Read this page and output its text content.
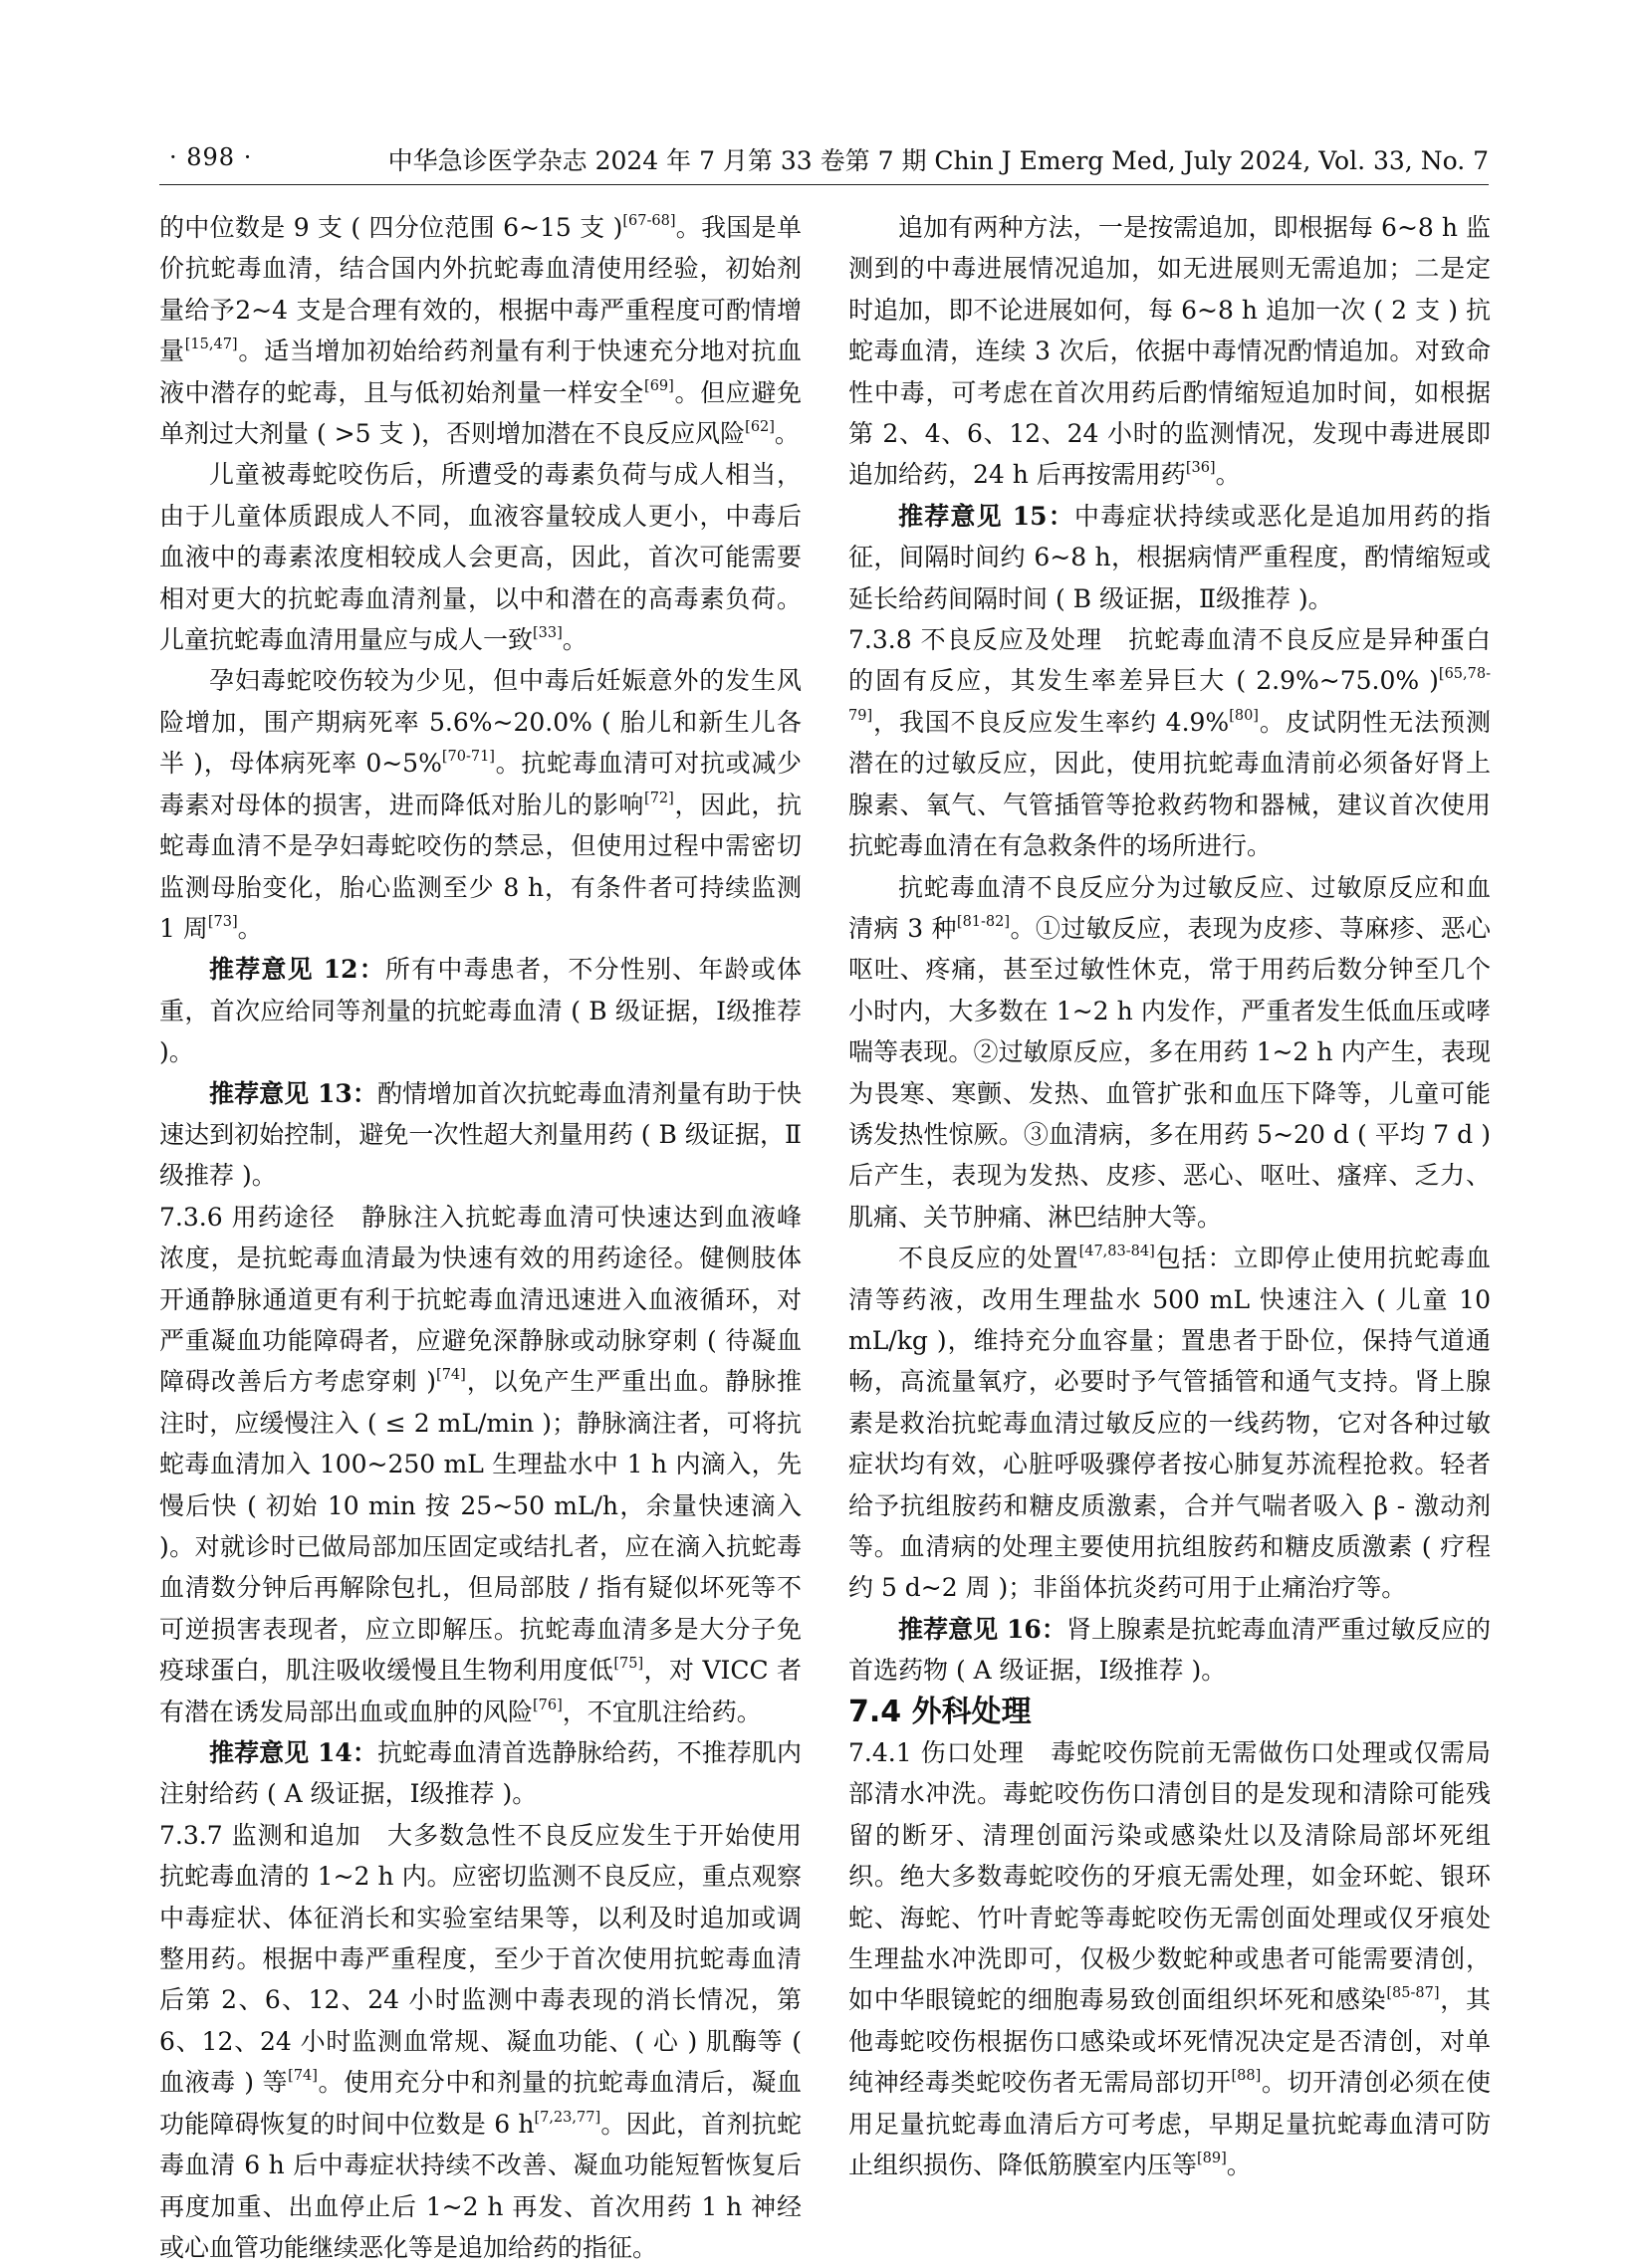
· 898 ·	中华急诊医学杂志 2024 年 7 月第 33 卷第 7 期 Chin J Emerg Med, July 2024, Vol. 33, No. 7

的中位数是 9 支 ( 四分位范围 6~15 支 )[67-68]。我国是单价抗蛇毒血清，结合国内外抗蛇毒血清使用经验，初始剂量给予2~4 支是合理有效的，根据中毒严重程度可酌情增量[15,47]。适当增加初始给药剂量有利于快速充分地对抗血液中潜存的蛇毒，且与低初始剂量一样安全[69]。但应避免单剂过大剂量 ( >5 支 )，否则增加潜在不良反应风险[62]。

儿童被毒蛇咬伤后，所遭受的毒素负荷与成人相当，由于儿童体质跟成人不同，血液容量较成人更小，中毒后血液中的毒素浓度相较成人会更高，因此，首次可能需要相对更大的抗蛇毒血清剂量，以中和潜在的高毒素负荷。儿童抗蛇毒血清用量应与成人一致[33]。

孕妇毒蛇咬伤较为少见，但中毒后妊娠意外的发生风险增加，围产期病死率 5.6%~20.0% ( 胎儿和新生儿各半 )，母体病死率 0~5%[70-71]。抗蛇毒血清可对抗或减少毒素对母体的损害，进而降低对胎儿的影响[72]，因此，抗蛇毒血清不是孕妇毒蛇咬伤的禁忌，但使用过程中需密切监测母胎变化，胎心监测至少 8 h，有条件者可持续监测 1 周[73]。

推荐意见 12：所有中毒患者，不分性别、年龄或体重，首次应给同等剂量的抗蛇毒血清 ( B 级证据，Ⅰ级推荐 )。

推荐意见 13：酌情增加首次抗蛇毒血清剂量有助于快速达到初始控制，避免一次性超大剂量用药 ( B 级证据，Ⅱ级推荐 )。

7.3.6 用药途径  静脉注入抗蛇毒血清可快速达到血液峰浓度，是抗蛇毒血清最为快速有效的用药途径。健侧肢体开通静脉通道更有利于抗蛇毒血清迅速进入血液循环，对严重凝血功能障碍者，应避免深静脉或动脉穿刺 ( 待凝血障碍改善后方考虑穿刺 )[74]，以免产生严重出血。静脉推注时，应缓慢注入 ( ≤ 2 mL/min )；静脉滴注者，可将抗蛇毒血清加入 100~250 mL 生理盐水中 1 h 内滴入，先慢后快 ( 初始 10 min 按 25~50 mL/h，余量快速滴入 )。对就诊时已做局部加压固定或结扎者，应在滴入抗蛇毒血清数分钟后再解除包扎，但局部肢 / 指有疑似坏死等不可逆损害表现者，应立即解压。抗蛇毒血清多是大分子免疫球蛋白，肌注吸收缓慢且生物利用度低[75]，对 VICC 者有潜在诱发局部出血或血肿的风险[76]，不宜肌注给药。

推荐意见 14：抗蛇毒血清首选静脉给药，不推荐肌内注射给药 ( A 级证据，Ⅰ级推荐 )。

7.3.7 监测和追加  大多数急性不良反应发生于开始使用抗蛇毒血清的 1~2 h 内。应密切监测不良反应，重点观察中毒症状、体征消长和实验室结果等，以利及时追加或调整用药。根据中毒严重程度，至少于首次使用抗蛇毒血清后第 2、6、12、24 小时监测中毒表现的消长情况，第 6、12、24 小时监测血常规、凝血功能、( 心 ) 肌酶等 ( 血液毒 ) 等[74]。使用充分中和剂量的抗蛇毒血清后，凝血功能障碍恢复的时间中位数是 6 h[7,23,77]。因此，首剂抗蛇毒血清 6 h 后中毒症状持续不改善、凝血功能短暂恢复后再度加重、出血停止后 1~2 h 再发、首次用药 1 h 神经或心血管功能继续恶化等是追加给药的指征。

追加有两种方法，一是按需追加，即根据每 6~8 h 监测到的中毒进展情况追加，如无进展则无需追加；二是定时追加，即不论进展如何，每 6~8 h 追加一次 ( 2 支 ) 抗蛇毒血清，连续 3 次后，依据中毒情况酌情追加。对致命性中毒，可考虑在首次用药后酌情缩短追加时间，如根据第 2、4、6、12、24 小时的监测情况，发现中毒进展即追加给药，24 h 后再按需用药[36]。

推荐意见 15：中毒症状持续或恶化是追加用药的指征，间隔时间约 6~8 h，根据病情严重程度，酌情缩短或延长给药间隔时间 ( B 级证据，Ⅱ级推荐 )。

7.3.8 不良反应及处理  抗蛇毒血清不良反应是异种蛋白的固有反应，其发生率差异巨大 ( 2.9%~75.0% )[65,78-79]，我国不良反应发生率约 4.9%[80]。皮试阴性无法预测潜在的过敏反应，因此，使用抗蛇毒血清前必须备好肾上腺素、氧气、气管插管等抢救药物和器械，建议首次使用抗蛇毒血清在有急救条件的场所进行。

抗蛇毒血清不良反应分为过敏反应、过敏原反应和血清病 3 种[81-82]。①过敏反应，表现为皮疹、荨麻疹、恶心呕吐、疼痛，甚至过敏性休克，常于用药后数分钟至几个小时内，大多数在 1~2 h 内发作，严重者发生低血压或哮喘等表现。②过敏原反应，多在用药 1~2 h 内产生，表现为畏寒、寒颤、发热、血管扩张和血压下降等，儿童可能诱发热性惊厥。③血清病，多在用药 5~20 d ( 平均 7 d ) 后产生，表现为发热、皮疹、恶心、呕吐、瘙痒、乏力、肌痛、关节肿痛、淋巴结肿大等。

不良反应的处置[47,83-84]包括：立即停止使用抗蛇毒血清等药液，改用生理盐水 500 mL 快速注入 ( 儿童 10 mL/kg )，维持充分血容量；置患者于卧位，保持气道通畅，高流量氧疗，必要时予气管插管和通气支持。肾上腺素是救治抗蛇毒血清过敏反应的一线药物，它对各种过敏症状均有效，心脏呼吸骤停者按心肺复苏流程抢救。轻者给予抗组胺药和糖皮质激素，合并气喘者吸入 β - 激动剂等。血清病的处理主要使用抗组胺药和糖皮质激素 ( 疗程约 5 d~2 周 )；非甾体抗炎药可用于止痛治疗等。

推荐意见 16：肾上腺素是抗蛇毒血清严重过敏反应的首选药物 ( A 级证据，Ⅰ级推荐 )。

7.4 外科处理

7.4.1 伤口处理  毒蛇咬伤院前无需做伤口处理或仅需局部清水冲洗。毒蛇咬伤伤口清创目的是发现和清除可能残留的断牙、清理创面污染或感染灶以及清除局部坏死组织。绝大多数毒蛇咬伤的牙痕无需处理，如金环蛇、银环蛇、海蛇、竹叶青蛇等毒蛇咬伤无需创面处理或仅牙痕处生理盐水冲洗即可，仅极少数蛇种或患者可能需要清创，如中华眼镜蛇的细胞毒易致创面组织坏死和感染[85-87]，其他毒蛇咬伤根据伤口感染或坏死情况决定是否清创，对单纯神经毒类蛇咬伤者无需局部切开[88]。切开清创必须在使用足量抗蛇毒血清后方可考虑，早期足量抗蛇毒血清可防止组织损伤、降低筋膜室内压等[89]。
